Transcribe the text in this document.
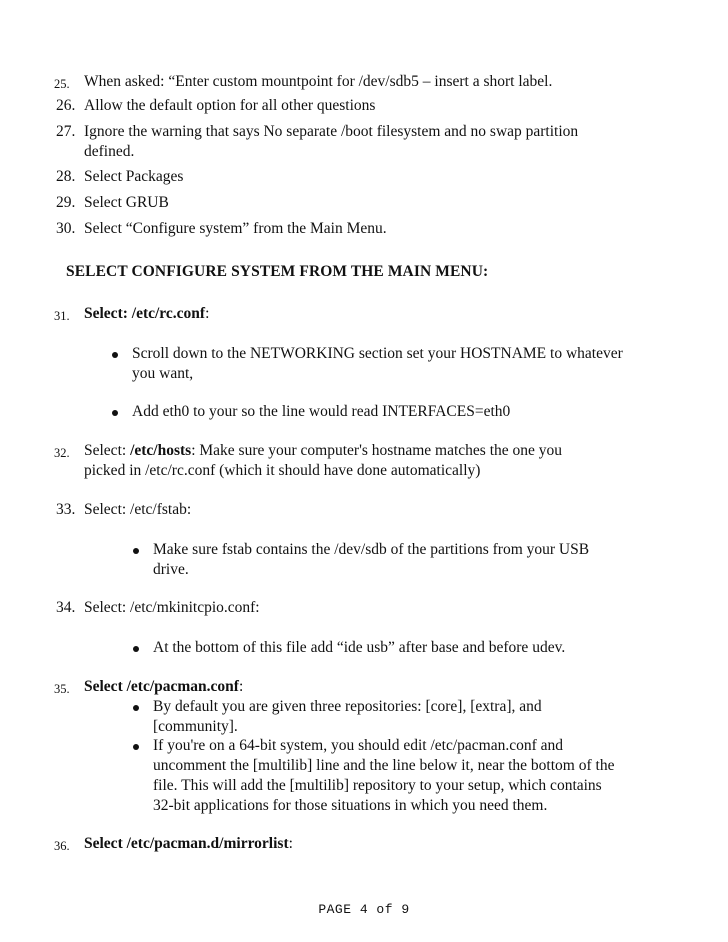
25. When asked: “Enter custom mountpoint for /dev/sdb5 – insert a short label.
26. Allow the default option for all other questions
27. Ignore the warning that says No separate /boot filesystem and no swap partition
defined.
28. Select Packages
29. Select GRUB
30. Select “Configure system” from the Main Menu.
SELECT CONFIGURE SYSTEM FROM THE MAIN MENU:
31. Select: /etc/rc.conf:
Scroll down to the NETWORKING section set your HOSTNAME to whatever
you want,
Add eth0 to your so the line would read INTERFACES=eth0
32. Select: /etc/hosts: Make sure your computer's hostname matches the one you
picked in /etc/rc.conf (which it should have done automatically)
33. Select: /etc/fstab:
Make sure fstab contains the /dev/sdb of the partitions from your USB
drive.
34. Select: /etc/mkinitcpio.conf:
At the bottom of this file add “ide usb” after base and before udev.
35. Select /etc/pacman.conf:
By default you are given three repositories: [core], [extra], and
[community].
If you're on a 64-bit system, you should edit /etc/pacman.conf and
uncomment the [multilib] line and the line below it, near the bottom of the
file. This will add the [multilib] repository to your setup, which contains
32-bit applications for those situations in which you need them.
36. Select /etc/pacman.d/mirrorlist:
PAGE 4 of 9
